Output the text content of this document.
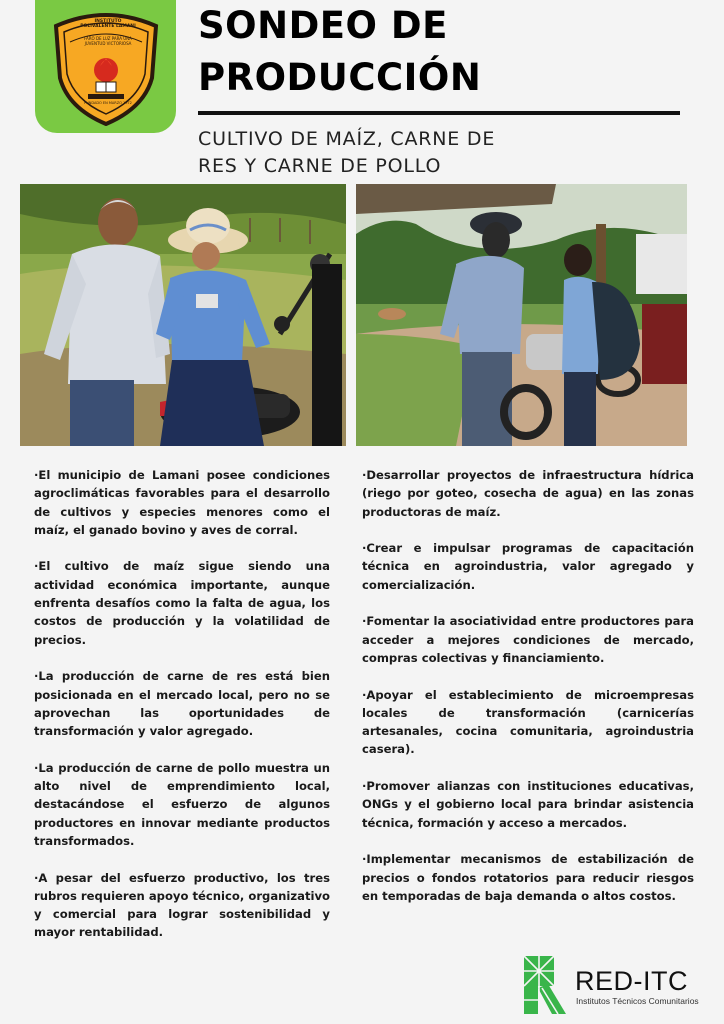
INSTITUTO POLIVALENTE LAMANI
FARO DE LUZ PARA UNA JUVENTUD VICTORIOSA
FUNDADO EN MARZO 1972
SONDEO DE
PRODUCCIÓN
CULTIVO DE MAÍZ, CARNE DE
RES Y CARNE DE POLLO

·El municipio de Lamani posee condiciones agroclimáticas favorables para el desarrollo de cultivos y especies menores como el maíz, el ganado bovino y aves de corral.

·El cultivo de maíz sigue siendo una actividad económica importante, aunque enfrenta desafíos como la falta de agua, los costos de producción y la volatilidad de precios.

·La producción de carne de res está bien posicionada en el mercado local, pero no se aprovechan las oportunidades de transformación y valor agregado.

·La producción de carne de pollo muestra un alto nivel de emprendimiento local, destacándose el esfuerzo de algunos productores en innovar mediante productos transformados.

·A pesar del esfuerzo productivo, los tres rubros requieren apoyo técnico, organizativo y comercial para lograr sostenibilidad y mayor rentabilidad.

·Desarrollar proyectos de infraestructura hídrica (riego por goteo, cosecha de agua) en las zonas productoras de maíz.

·Crear e impulsar programas de capacitación técnica en agroindustria, valor agregado y comercialización.

·Fomentar la asociatividad entre productores para acceder a mejores condiciones de mercado, compras colectivas y financiamiento.

·Apoyar el establecimiento de microempresas locales de transformación (carnicerías artesanales, cocina comunitaria, agroindustria casera).

·Promover alianzas con instituciones educativas, ONGs y el gobierno local para brindar asistencia técnica, formación y acceso a mercados.

·Implementar mecanismos de estabilización de precios o fondos rotatorios para reducir riesgos en temporadas de baja demanda o altos costos.

RED-ITC
Institutos Técnicos Comunitarios
